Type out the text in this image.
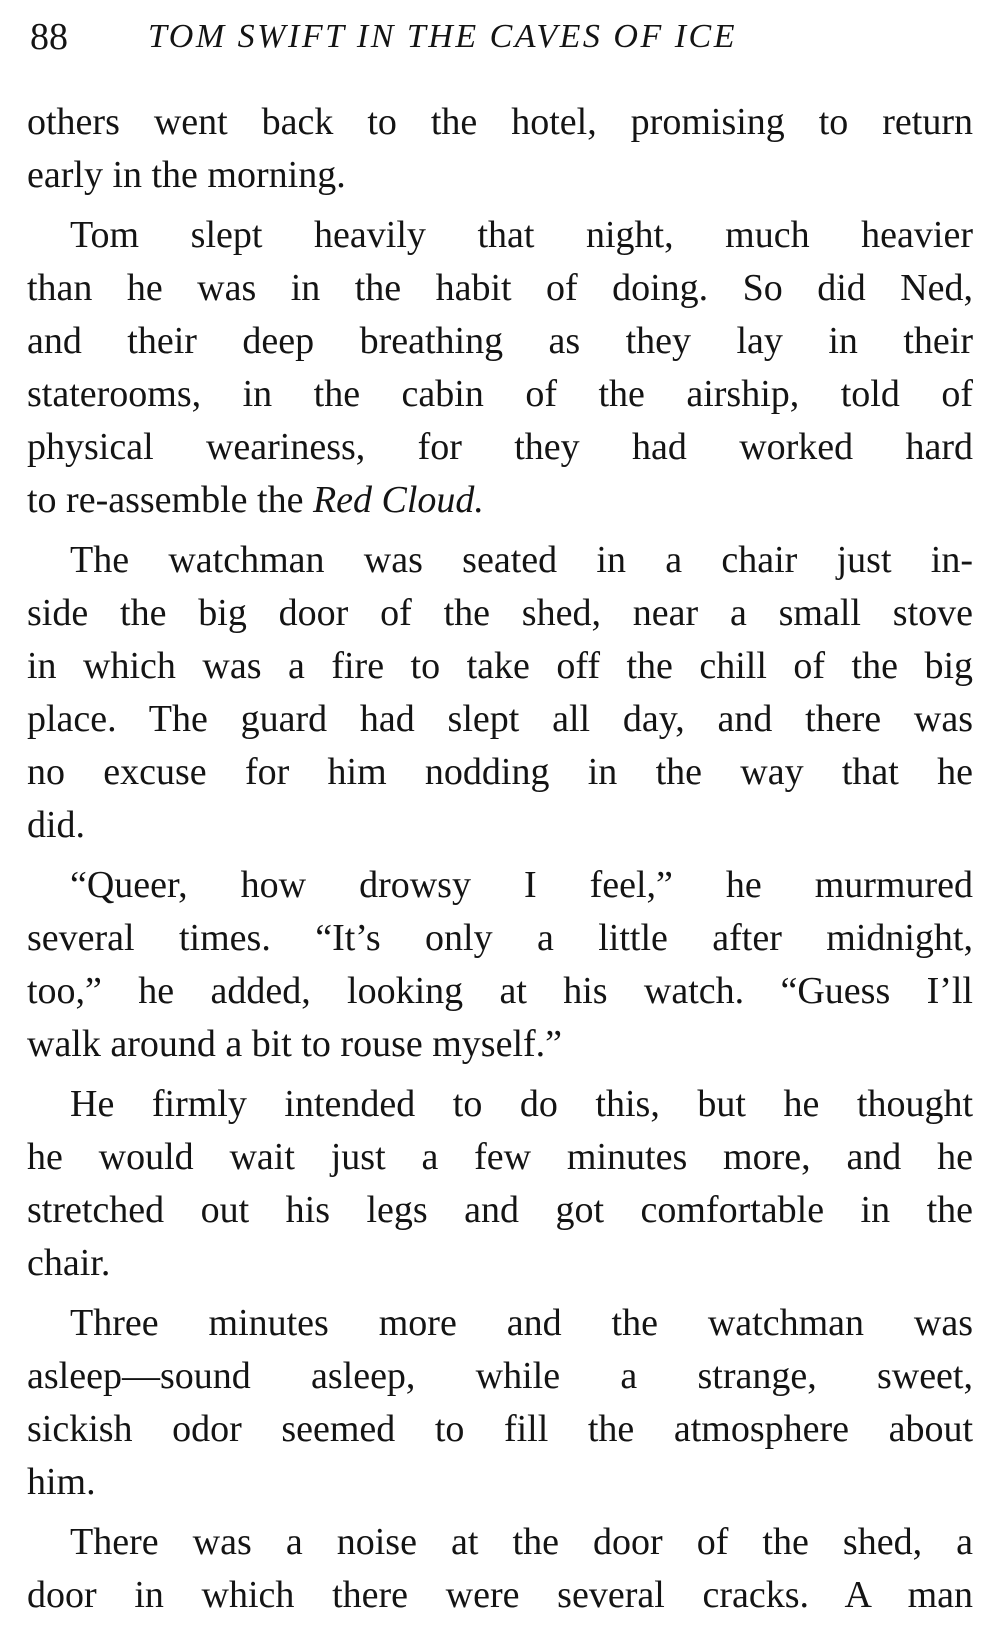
88 TOM SWIFT IN THE CAVES OF ICE
others went back to the hotel, promising to return
early in the morning.
Tom slept heavily that night, much heavier
than he was in the habit of doing. So did Ned,
and their deep breathing as they lay in their
staterooms, in the cabin of the airship, told of
physical weariness, for they had worked hard
to re-assemble the Red Cloud.
The watchman was seated in a chair just in-
side the big door of the shed, near a small stove
in which was a fire to take off the chill of the big
place. The guard had slept all day, and there was
no excuse for him nodding in the way that he
did.
“Queer, how drowsy I feel,” he murmured
several times. “It’s only a little after midnight,
too,” he added, looking at his watch. “Guess I’ll
walk around a bit to rouse myself.”
He firmly intended to do this, but he thought
he would wait just a few minutes more, and he
stretched out his legs and got comfortable in the
chair.
Three minutes more and the watchman was
asleep—sound asleep, while a strange, sweet,
sickish odor seemed to fill the atmosphere about
him.
There was a noise at the door of the shed, a
door in which there were several cracks. A man
